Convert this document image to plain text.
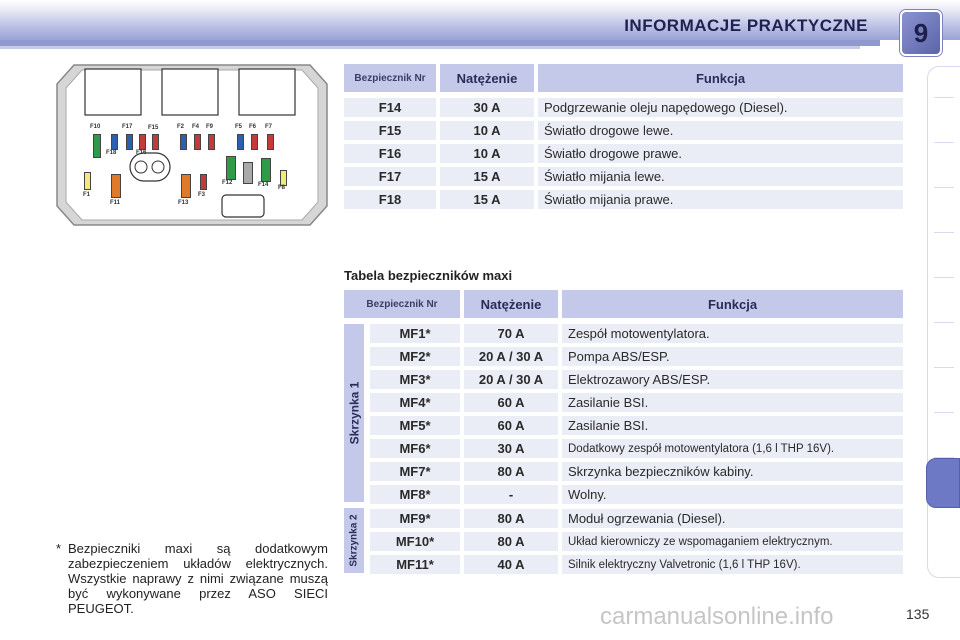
INFORMACJE PRAKTYCZNE	9
F10	F17	F15	F2 F4 F9	F5 F6 F7
F18	F16
F1
F11	F13
F3
F12	F14 F8
Bezpiecznik Nr	Natężenie	Funkcja
F14	30 A	Podgrzewanie oleju napędowego (Diesel).
F15	10 A	Światło drogowe lewe.
F16	10 A	Światło drogowe prawe.
F17	15 A	Światło mijania lewe.
F18	15 A	Światło mijania prawe.
Tabela bezpieczników maxi
Bezpiecznik Nr	Natężenie	Funkcja
Skrzynka 1
Skrzynka 2
MF1*	70 A	Zespół motowentylatora.
MF2*	20 A / 30 A	Pompa ABS/ESP.
MF3*	20 A / 30 A	Elektrozawory ABS/ESP.
MF4*	60 A	Zasilanie BSI.
MF5*	60 A	Zasilanie BSI.
MF6*	30 A	Dodatkowy zespół motowentylatora (1,6 l THP 16V).
MF7*	80 A	Skrzynka bezpieczników kabiny.
MF8*	-	Wolny.
MF9*	80 A	Moduł ogrzewania (Diesel).
MF10*	80 A	Układ kierowniczy ze wspomaganiem elektrycznym.
MF11*	40 A	Silnik elektryczny Valvetronic (1,6 l THP 16V).
* Bezpieczniki maxi są dodatkowym zabezpieczeniem układów elektrycznych. Wszystkie naprawy z nimi związane muszą być wykonywane przez ASO SIECI PEUGEOT.	carmanualsonline.info	135
